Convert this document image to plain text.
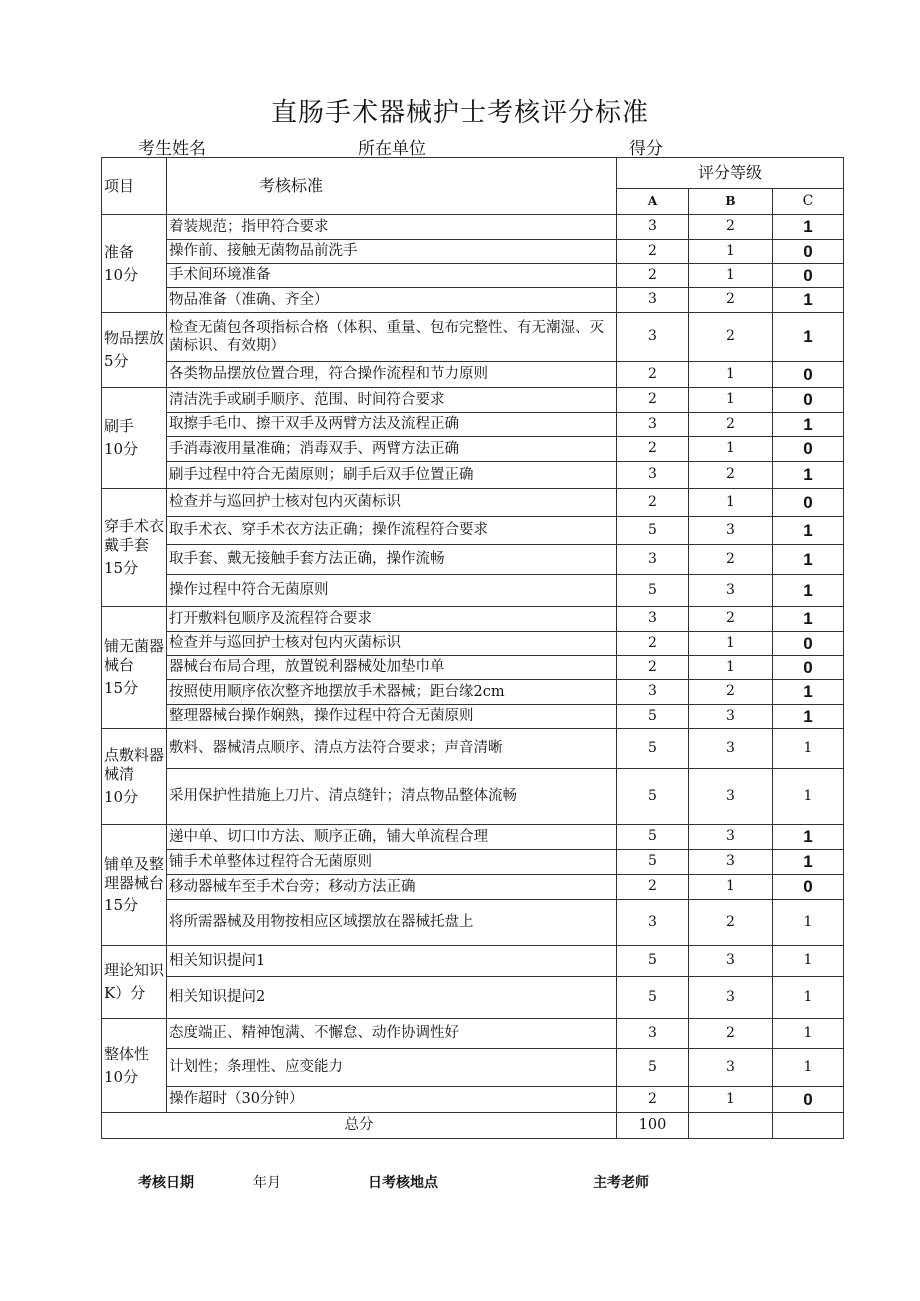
直肠手术器械护士考核评分标准
考生姓名	所在单位	得分
项目	考核标准	评分等级		
		A	B	C

准备
10分	着装规范；指甲符合要求	3	2	1
	操作前、接触无菌物品前洗手	2	1	0
	手术间环境准备	2	1	0
	物品准备（准确、齐全）	3	2	1

物品摆放
5分	检查无菌包各项指标合格（体积、重量、包布完整性、有无潮湿、灭菌标识、有效期）	3	2	1
	各类物品摆放位置合理，符合操作流程和节力原则	2	1	0

刷手
10分	清洁洗手或刷手顺序、范围、时间符合要求	2	1	0
	取擦手毛巾、擦干双手及两臂方法及流程正确	3	2	1
	手消毒液用量准确；消毒双手、两臂方法正确	2	1	0
	刷手过程中符合无菌原则；刷手后双手位置正确	3	2	1

穿手术衣戴手套
15分	检查并与巡回护士核对包内灭菌标识	2	1	0
	取手术衣、穿手术衣方法正确；操作流程符合要求	5	3	1
	取手套、戴无接触手套方法正确，操作流畅	3	2	1
	操作过程中符合无菌原则	5	3	1

铺无菌器械台
15分	打开敷料包顺序及流程符合要求	3	2	1
	检查并与巡回护士核对包内灭菌标识	2	1	0
	器械台布局合理，放置锐利器械处加垫巾单	2	1	0
	按照使用顺序依次整齐地摆放手术器械；距台缘2cm	3	2	1
	整理器械台操作娴熟，操作过程中符合无菌原则	5	3	1

点敷料器械清
10分	敷料、器械清点顺序、清点方法符合要求；声音清晰	5	3	1
	采用保护性措施上刀片、清点缝针；清点物品整体流畅	5	3	1

铺单及整理器械台
15分	递中单、切口巾方法、顺序正确，铺大单流程合理	5	3	1
	铺手术单整体过程符合无菌原则	5	3	1
	移动器械车至手术台旁；移动方法正确	2	1	0
	将所需器械及用物按相应区域摆放在器械托盘上	3	2	1

理论知识
K）分	相关知识提问1	5	3	1
	相关知识提问2	5	3	1

整体性
10分	态度端正、精神饱满、不懈怠、动作协调性好	3	2	1
	计划性；条理性、应变能力	5	3	1
	操作超时（30分钟）	2	1	0
总分		100		
考核日期	年月	日考核地点	主考老师
